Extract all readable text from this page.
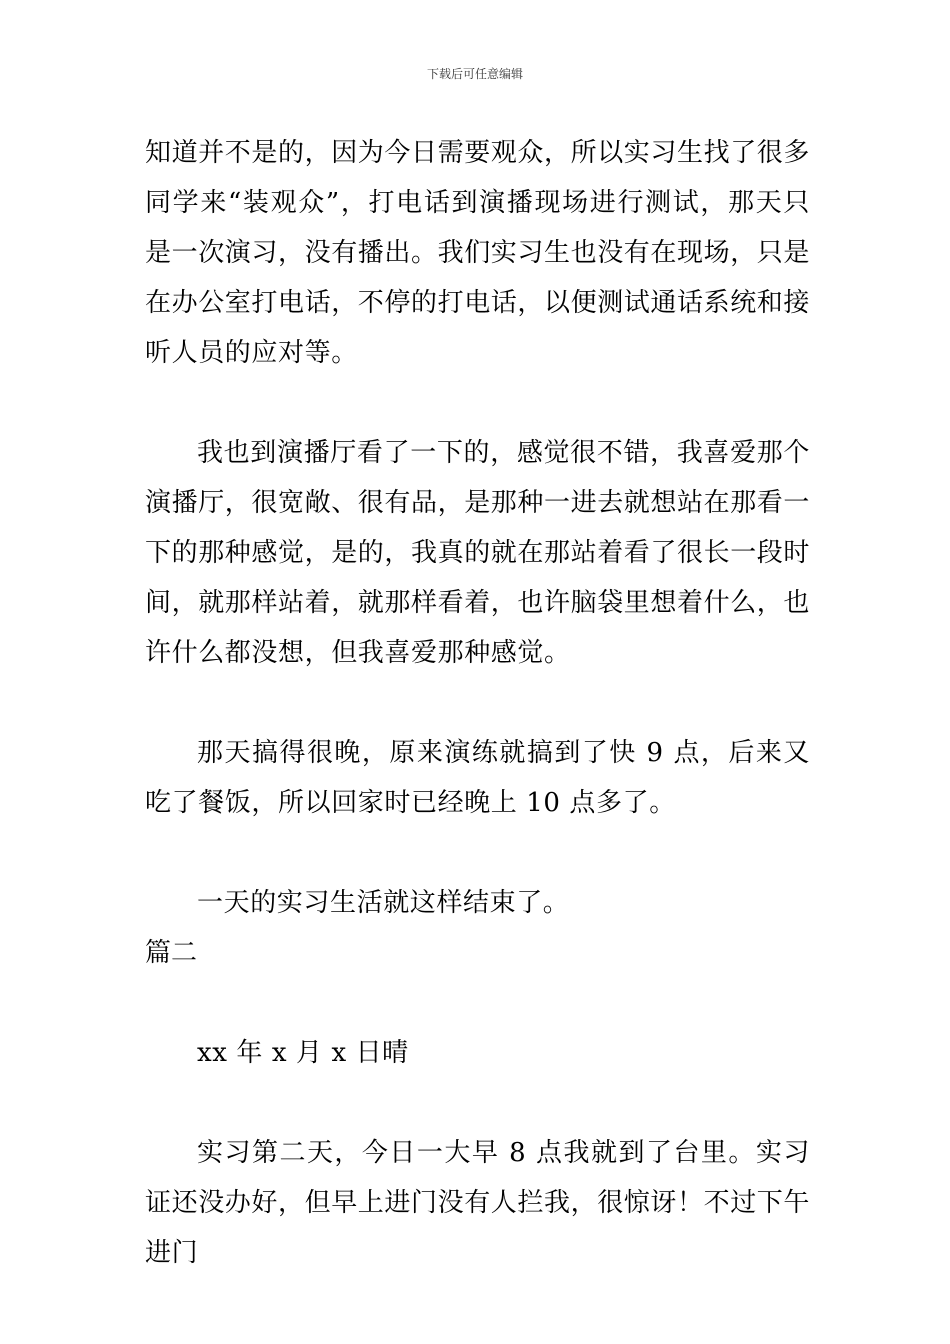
下载后可任意编辑

知道并不是的，因为今日需要观众，所以实习生找了很多同学来“装观众”，打电话到演播现场进行测试，那天只是一次演习，没有播出。我们实习生也没有在现场，只是在办公室打电话，不停的打电话，以便测试通话系统和接听人员的应对等。

我也到演播厅看了一下的，感觉很不错，我喜爱那个演播厅，很宽敞、很有品，是那种一进去就想站在那看一下的那种感觉，是的，我真的就在那站着看了很长一段时间，就那样站着，就那样看着，也许脑袋里想着什么，也许什么都没想，但我喜爱那种感觉。

那天搞得很晚，原来演练就搞到了快 9 点，后来又吃了餐饭，所以回家时已经晚上 10 点多了。

一天的实习生活就这样结束了。

篇二

xx 年 x 月 x 日晴

实习第二天，今日一大早 8 点我就到了台里。实习证还没办好，但早上进门没有人拦我，很惊讶！不过下午进门
